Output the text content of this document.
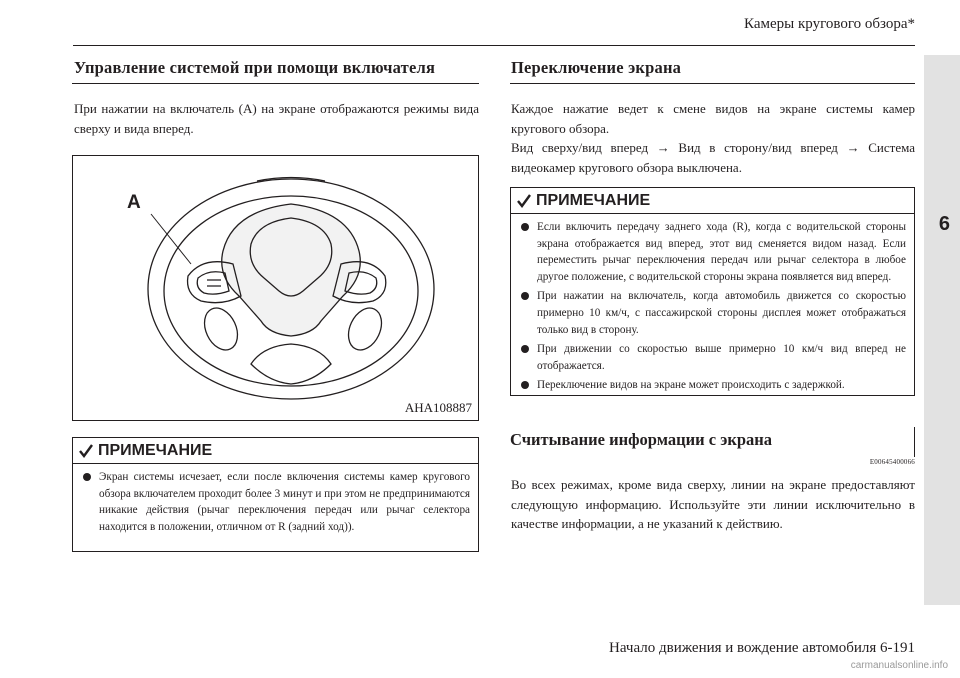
Камеры кругового обзора*
6
Управление системой при помощи включателя
При нажатии на включатель (A) на экране отображаются режимы вида сверху и вида вперед.
A
AHA108887
ПРИМЕЧАНИЕ
Экран системы исчезает, если после включения системы камер кругового обзора включателем проходит более 3 минут и при этом не предпринимаются никакие действия (рычаг переключения передач или рычаг селектора находится в положении, отличном от R (задний ход)).
Переключение экрана
Каждое нажатие ведет к смене видов на экране системы камер кругового обзора.
Вид сверху/вид вперед → Вид в сторону/вид вперед → Система видеокамер кругового обзора выключена.
ПРИМЕЧАНИЕ
Если включить передачу заднего хода (R), когда с водительской стороны экрана отображается вид вперед, этот вид сменяется видом назад. Если переместить рычаг переключения передач или рычаг селектора в любое другое положение, с водительской стороны экрана появляется вид вперед.
При нажатии на включатель, когда автомобиль движется со скоростью примерно 10 км/ч, с пассажирской стороны дисплея может отображаться только вид в сторону.
При движении со скоростью выше примерно 10 км/ч вид вперед не отображается.
Переключение видов на экране может происходить с задержкой.
Считывание информации с экрана
E00645400066
Во всех режимах, кроме вида сверху, линии на экране предоставляют следующую информацию. Используйте эти линии исключительно в качестве информации, а не указаний к действию.
Начало движения и вождение автомобиля 6-191
carmanualsonline.info
